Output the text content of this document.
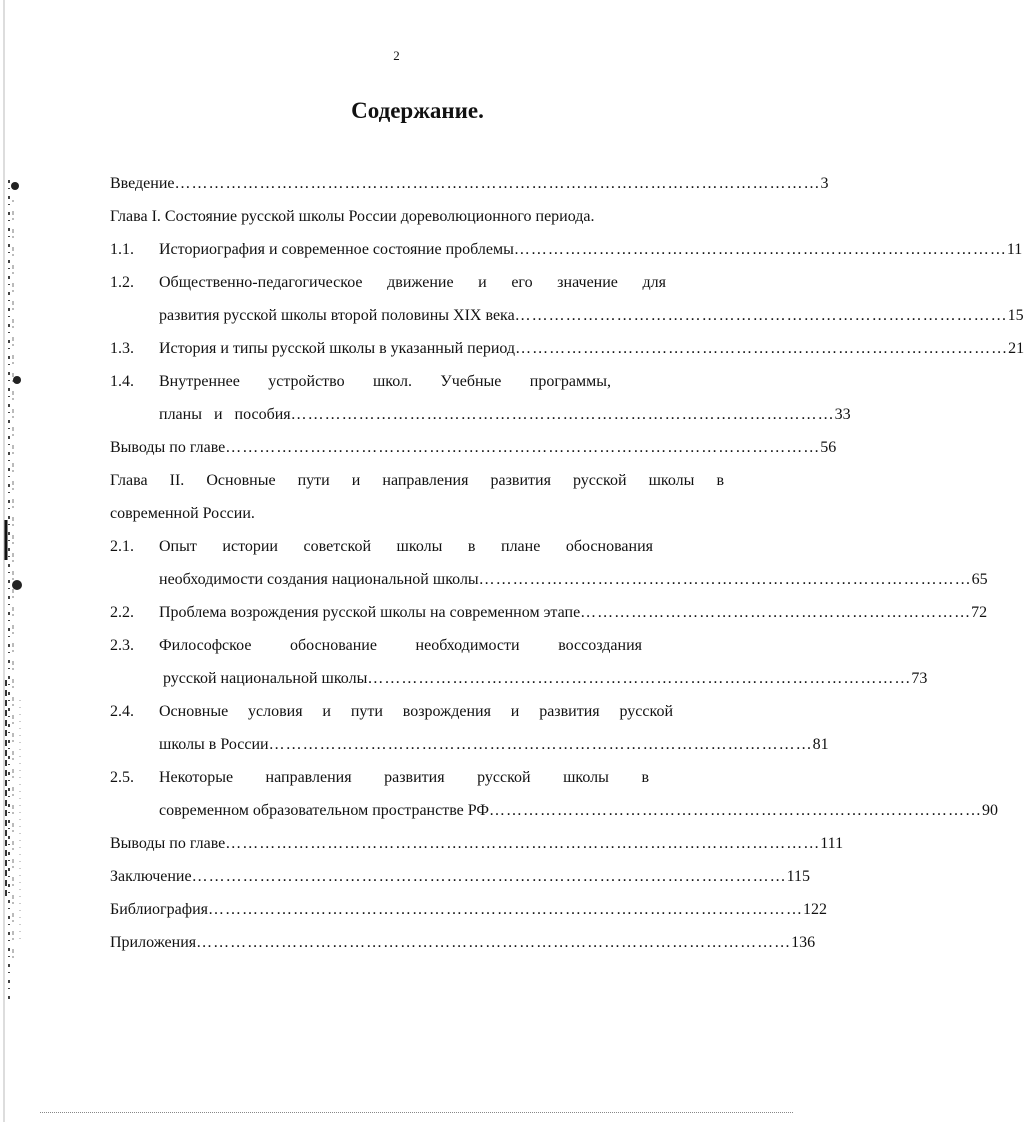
2
Содержание.
Введение …………………………………………………………………………………………………… 3
Глава I. Состояние русской школы России дореволюционного периода.
1.1. Историография и современное состояние проблемы …………………………………………………………………………… 11
1.2. Общественно-педагогическое движение и его значение для
развития русской школы второй половины XIX века …………………………………………………………………………… 15
1.3. История и типы русской школы в указанный период …………………………………………………………………………… 21
1.4. Внутреннее устройство школ. Учебные программы,
планы и пособия …………………………………………………………………………………… 33
Выводы по главе …………………………………………………………………………………………… 56
Глава II. Основные пути и направления развития русской школы в
современной России.
2.1. Опыт истории советской школы в плане обоснования
необходимости создания национальной школы …………………………………………………………………………… 65
2.2. Проблема возрождения русской школы на современном этапе …………………………………………………………… 72
2.3. Философское обоснование необходимости воссоздания
русской национальной школы …………………………………………………………………………………… 73
2.4. Основные условия и пути возрождения и развития русской
школы в России …………………………………………………………………………………… 81
2.5. Некоторые направления развития русской школы в
современном образовательном пространстве РФ …………………………………………………………………………… 90
Выводы по главе …………………………………………………………………………………………… 111
Заключение …………………………………………………………………………………………… 115
Библиография …………………………………………………………………………………………… 122
Приложения …………………………………………………………………………………………… 136
